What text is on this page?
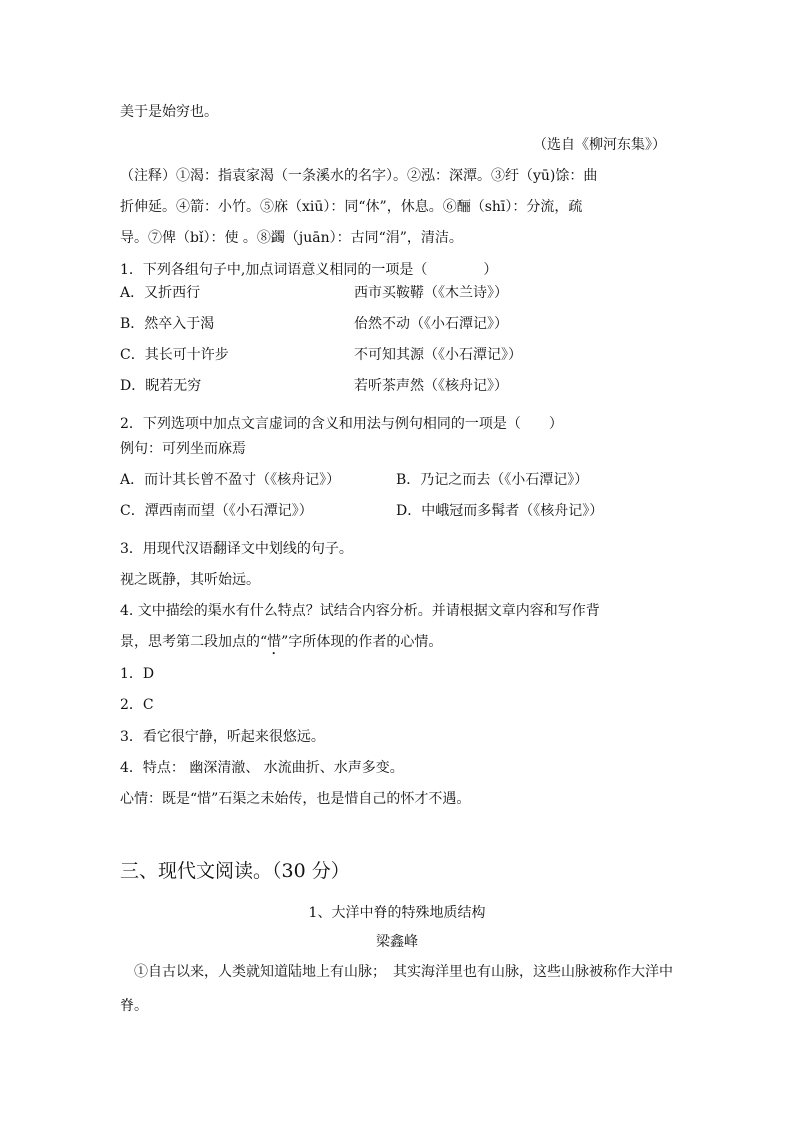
美于是始穷也。
（选自《柳河东集》）
（注释）①渴：指袁家渴（一条溪水的名字）。②泓：深潭。③纡（yū)馀：曲
折伸延。④箭：小竹。⑤庥（xiū）：同“休”，休息。⑥酾（shī）：分流，疏
导。⑦俾（bǐ）：使 。⑧蠲（juān）：古同“涓”，清洁。
1．下列各组句子中,加点词语意义相同的一项是（　　　　）
A．又折西行	西市买鞍鞯（《木兰诗》）
B．然卒入于渴	佁然不动（《小石潭记》）
C．其长可十许步	不可知其源（《小石潭记》）
D．睨若无穷	若听茶声然（《核舟记》）
2．下列选项中加点文言虚词的含义和用法与例句相同的一项是（　　）
例句：可列坐而庥焉
A．而计其长曾不盈寸（《核舟记》）	B．乃记之而去（《小石潭记》）
C．潭西南而望（《小石潭记》）	D．中峨冠而多髯者（《核舟记》）
3．用现代汉语翻译文中划线的句子。
视之既静，其听始远。
4. 文中描绘的渠水有什么特点？试结合内容分析。并请根据文章内容和写作背
景，思考第二段加点的“惜”字所体现的作者的心情。
1．D
2．C
3．看它很宁静，听起来很悠远。
4．特点： 幽深清澈、 水流曲折、水声多变。
心情：既是“惜”石渠之未始传，也是惜自己的怀才不遇。
三、现代文阅读。（30 分）
1、大洋中脊的特殊地质结构
梁鑫峰
①自古以来，人类就知道陆地上有山脉；　其实海洋里也有山脉，这些山脉被称作大洋中脊。
